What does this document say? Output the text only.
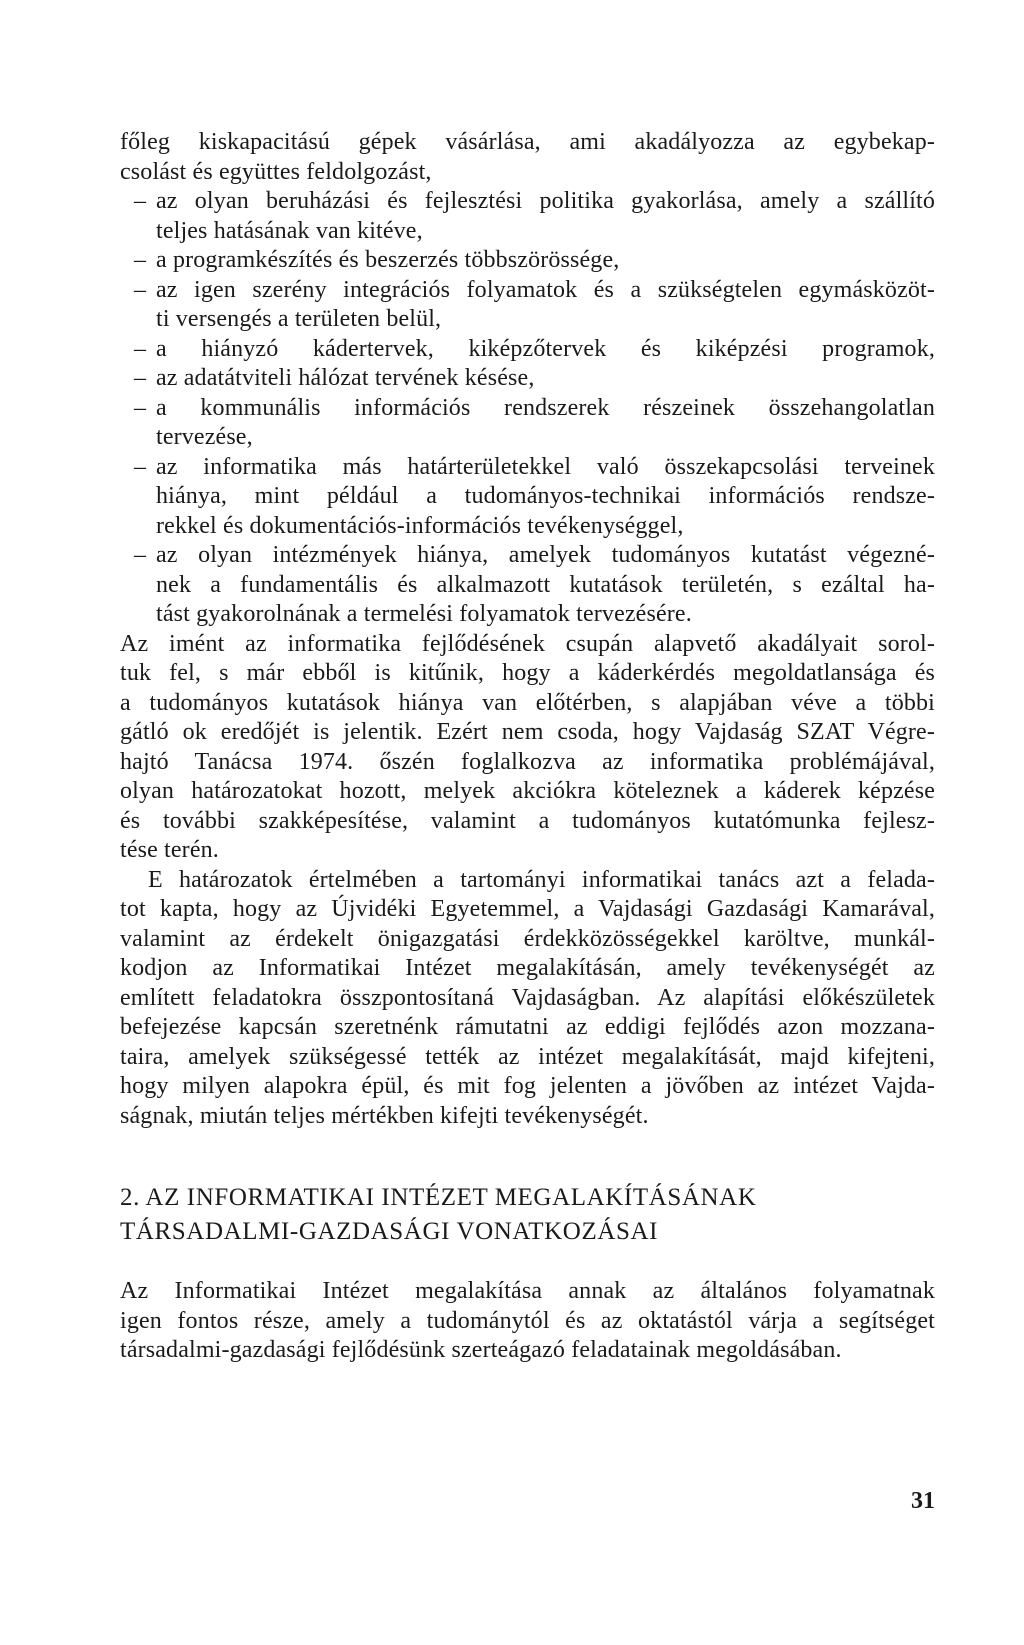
főleg kiskapacitású gépek vásárlása, ami akadályozza az egybekap-
csolást és együttes feldolgozást,
– az olyan beruházási és fejlesztési politika gyakorlása, amely a szállító
teljes hatásának van kitéve,
– a programkészítés és beszerzés többszörössége,
– az igen szerény integrációs folyamatok és a szükségtelen egymásközöt-
ti versengés a területen belül,
– a hiányzó kádertervek, kiképzőtervek és kiképzési programok,
– az adatátviteli hálózat tervének késése,
– a kommunális információs rendszerek részeinek összehangolatlan
tervezése,
– az informatika más határterületekkel való összekapcsolási terveinek
hiánya, mint például a tudományos-technikai információs rendsze-
rekkel és dokumentációs-információs tevékenységgel,
– az olyan intézmények hiánya, amelyek tudományos kutatást végezné-
nek a fundamentális és alkalmazott kutatások területén, s ezáltal ha-
tást gyakorolnának a termelési folyamatok tervezésére.
Az imént az informatika fejlődésének csupán alapvető akadályait sorol-
tuk fel, s már ebből is kitűnik, hogy a káderkérdés megoldatlansága és
a tudományos kutatások hiánya van előtérben, s alapjában véve a többi
gátló ok eredőjét is jelentik. Ezért nem csoda, hogy Vajdaság SZAT Végre-
hajtó Tanácsa 1974. őszén foglalkozva az informatika problémájával,
olyan határozatokat hozott, melyek akciókra köteleznek a káderek képzése
és további szakképesítése, valamint a tudományos kutatómunka fejlesz-
tése terén.
E határozatok értelmében a tartományi informatikai tanács azt a felada-
tot kapta, hogy az Újvidéki Egyetemmel, a Vajdasági Gazdasági Kamarával,
valamint az érdekelt önigazgatási érdekközösségekkel karöltve, munkál-
kodjon az Informatikai Intézet megalakításán, amely tevékenységét az
említett feladatokra összpontosítaná Vajdaságban. Az alapítási előkészületek
befejezése kapcsán szeretnénk rámutatni az eddigi fejlődés azon mozzana-
taira, amelyek szükségessé tették az intézet megalakítását, majd kifejteni,
hogy milyen alapokra épül, és mit fog jelenten a jövőben az intézet Vajda-
ságnak, miután teljes mértékben kifejti tevékenységét.
2. AZ INFORMATIKAI INTÉZET MEGALAKÍTÁSÁNAK
TÁRSADALMI-GAZDASÁGI VONATKOZÁSAI
Az Informatikai Intézet megalakítása annak az általános folyamatnak
igen fontos része, amely a tudománytól és az oktatástól várja a segítséget
társadalmi-gazdasági fejlődésünk szerteágazó feladatainak megoldásában.
31
